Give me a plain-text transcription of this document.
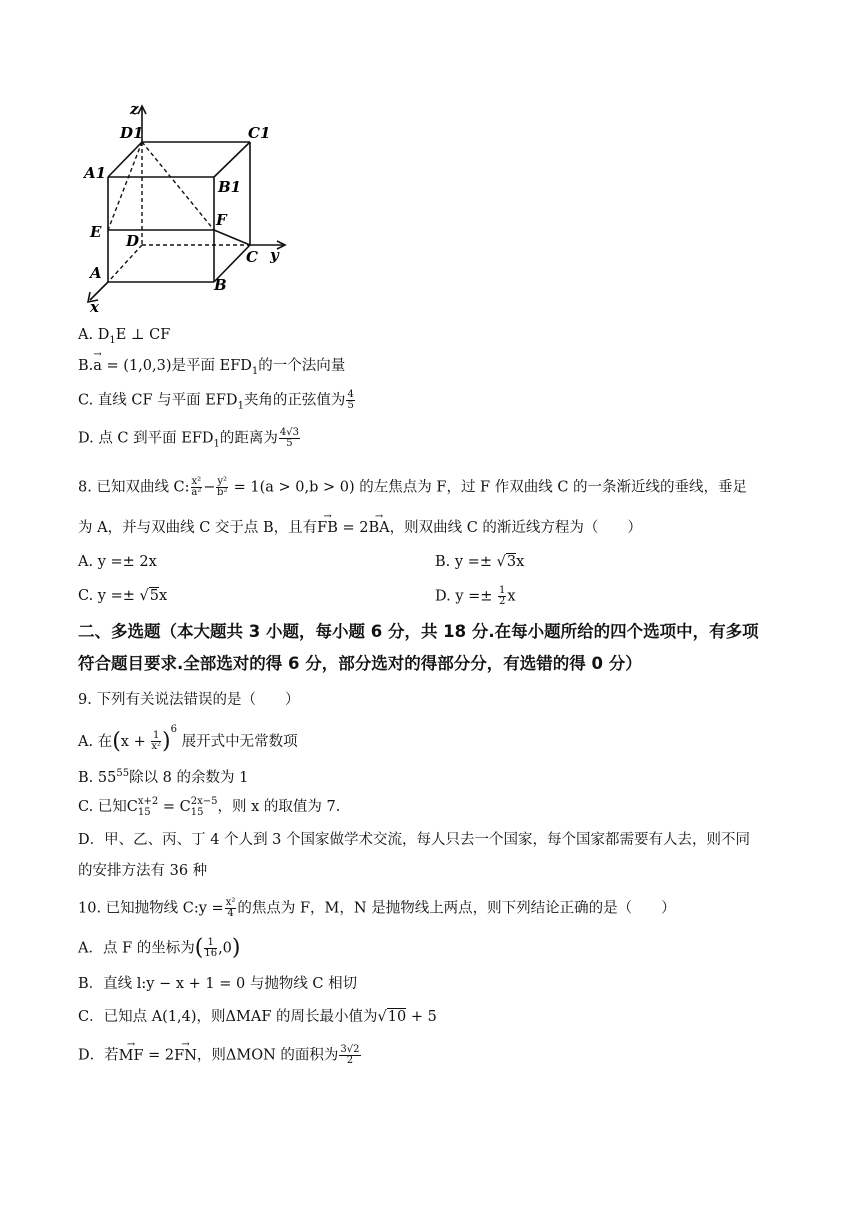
z
D1	C1
A1
B1
E D
F
C y
A
B
x
A. $D_1E$ ⊥ CF
B.→ a = (1,0,3)是平面 $EFD_1$的一个法向量
C. 直线 CF 与平面 $EFD_1$夹角的正弦值为 $\frac{4}{5}$
D. 点 C 到平面 $EFD_1$的距离为 $\frac{4√3}{5}$
8. 已知双曲线 C: $\frac{\text{x²}}{\text{a²}} - \frac{\text{y²}}{\text{b²}} = 1(a > 0,b > 0)$ 的左焦点为 F，过 F 作双曲线 C 的一条渐近线的垂线，垂足
为 A，并与双曲线 C 交于点 B，且有→ FB = 2→ BA，则双曲线 C 的渐近线方程为（　　）
A. y =± 2x	B. y =± √3x
C. y =± √5x	D. $y =\pm \frac{1}{2}$ x
二、多选题（本大题共 3 小题，每小题 6 分，共 18 分.在每小题所给的四个选项中，有多项
符合题目要求.全部选对的得 6 分，部分选对的得部分分，有选错的得 0 分）
9. 下列有关说法错误的是（　　）
A. 在$(x + \frac{1}{\text{x²}} )^6$ 展开式中无常数项
B. $55^{55}$除以 8 的余数为 1
C. 已知C x+2
15 = C 2x−5
15 ，则 x 的取值为 7.
D．甲、乙、丙、丁 4 个人到 3 个国家做学术交流，每人只去一个国家，每个国家都需要有人去，则不同
的安排方法有 36 种
10. 已知抛物线 C:y = $\frac{\text{x²}}{4}$ 的焦点为 F，M，N 是抛物线上两点，则下列结论正确的是（　　）
A．点 F 的坐标为( $\frac{1}{16} ,0$)
B．直线 l:y − x + 1 = 0 与抛物线 C 相切
C．已知点 A(1,4)，则ΔMAF 的周长最小值为√10 + 5
D．若→ MF = 2→ FN，则ΔMON 的面积为 $\frac{3√2}{2}$
